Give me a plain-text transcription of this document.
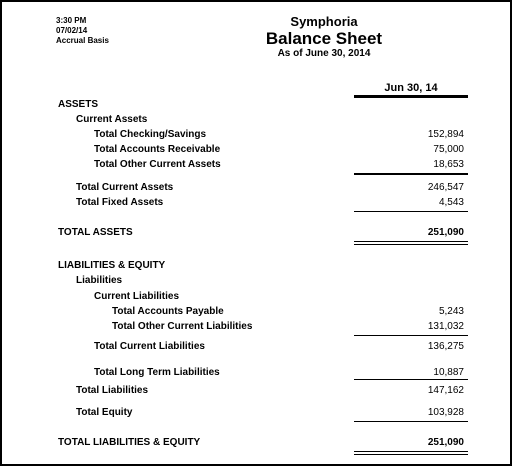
3:30 PM
07/02/14
Accrual Basis
Symphoria
Balance Sheet
As of June 30, 2014
Jun 30, 14
ASSETS
Current Assets
Total Checking/Savings	152,894
Total Accounts Receivable	75,000
Total Other Current Assets	18,653
Total Current Assets	246,547
Total Fixed Assets	4,543
TOTAL ASSETS	251,090
LIABILITIES & EQUITY
Liabilities
Current Liabilities
Total Accounts Payable	5,243
Total Other Current Liabilities	131,032
Total Current Liabilities	136,275
Total Long Term Liabilities	10,887
Total Liabilities	147,162
Total Equity	103,928
TOTAL LIABILITIES & EQUITY	251,090
